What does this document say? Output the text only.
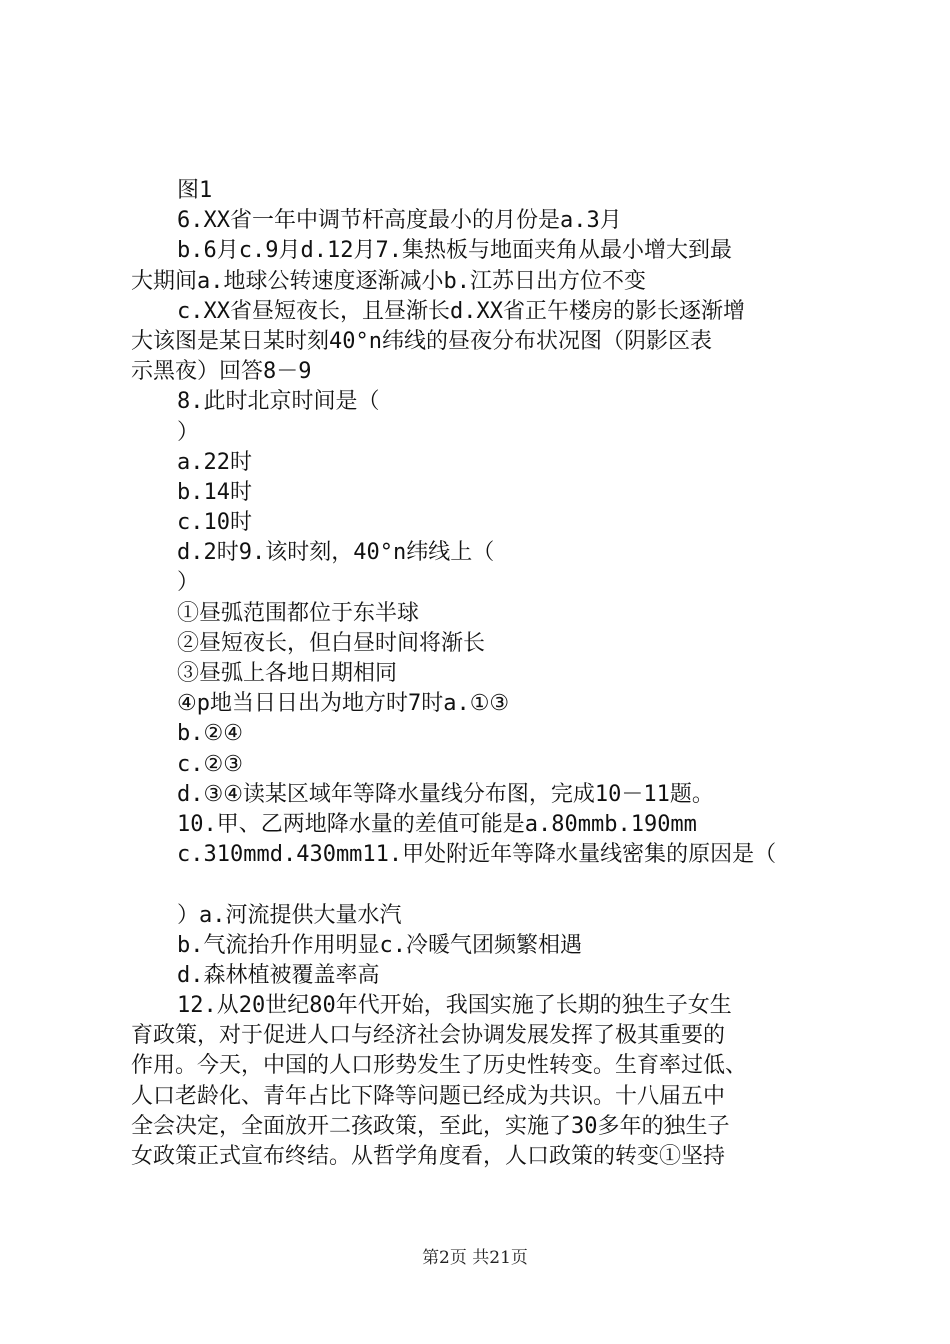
图1
6.XX省一年中调节杆高度最小的月份是a.3月
b.6月c.9月d.12月7.集热板与地面夹角从最小增大到最
大期间a.地球公转速度逐渐减小b.江苏日出方位不变
c.XX省昼短夜长，且昼渐长d.XX省正午楼房的影长逐渐增
大该图是某日某时刻40°n纬线的昼夜分布状况图（阴影区表
示黑夜）回答8－9
8.此时北京时间是（
）
a.22时
b.14时
c.10时
d.2时9.该时刻，40°n纬线上（
）
①昼弧范围都位于东半球
②昼短夜长，但白昼时间将渐长
③昼弧上各地日期相同
④p地当日日出为地方时7时a.①③
b.②④
c.②③
d.③④读某区域年等降水量线分布图，完成10－11题。
10.甲、乙两地降水量的差值可能是a.80mmb.190mm
c.310mmd.430mm11.甲处附近年等降水量线密集的原因是（
）a.河流提供大量水汽
b.气流抬升作用明显c.冷暖气团频繁相遇
d.森林植被覆盖率高
12.从20世纪80年代开始，我国实施了长期的独生子女生
育政策，对于促进人口与经济社会协调发展发挥了极其重要的
作用。今天，中国的人口形势发生了历史性转变。生育率过低、
人口老龄化、青年占比下降等问题已经成为共识。十八届五中
全会决定，全面放开二孩政策，至此，实施了30多年的独生子
女政策正式宣布终结。从哲学角度看，人口政策的转变①坚持
第2页 共21页
